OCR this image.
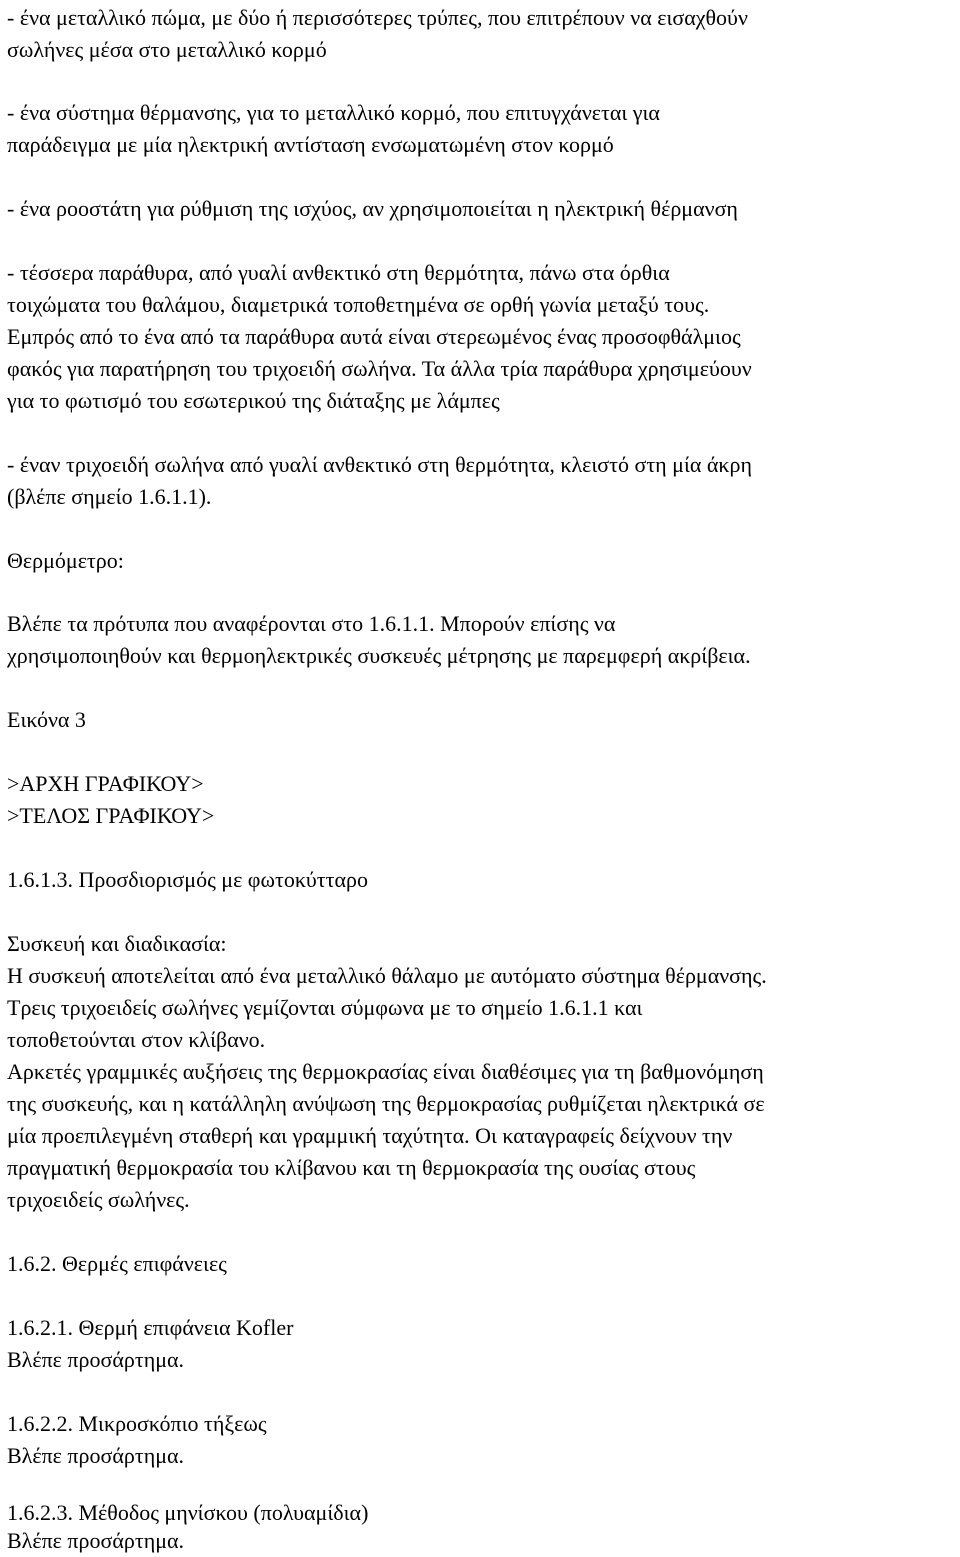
- ένα μεταλλικό πώμα, με δύο ή περισσότερες τρύπες, που επιτρέπουν να εισαχθούν
σωλήνες μέσα στο μεταλλικό κορμό
- ένα σύστημα θέρμανσης, για το μεταλλικό κορμό, που επιτυγχάνεται για
παράδειγμα με μία ηλεκτρική αντίσταση ενσωματωμένη στον κορμό
- ένα ροοστάτη για ρύθμιση της ισχύος, αν χρησιμοποιείται η ηλεκτρική θέρμανση
- τέσσερα παράθυρα, από γυαλί ανθεκτικό στη θερμότητα, πάνω στα όρθια
τοιχώματα του θαλάμου, διαμετρικά τοποθετημένα σε ορθή γωνία μεταξύ τους.
Εμπρός από το ένα από τα παράθυρα αυτά είναι στερεωμένος ένας προσοφθάλμιος
φακός για παρατήρηση του τριχοειδή σωλήνα. Τα άλλα τρία παράθυρα χρησιμεύουν
για το φωτισμό του εσωτερικού της διάταξης με λάμπες
- έναν τριχοειδή σωλήνα από γυαλί ανθεκτικό στη θερμότητα, κλειστό στη μία άκρη
(βλέπε σημείο 1.6.1.1).
Θερμόμετρο:
Βλέπε τα πρότυπα που αναφέρονται στο 1.6.1.1. Μπορούν επίσης να
χρησιμοποιηθούν και θερμοηλεκτρικές συσκευές μέτρησης με παρεμφερή ακρίβεια.
Εικόνα 3
>ΑΡΧΗ ΓΡΑΦΙΚΟΥ>
>ΤΕΛΟΣ ΓΡΑΦΙΚΟΥ>
1.6.1.3. Προσδιορισμός με φωτοκύτταρο
Συσκευή και διαδικασία:
Η συσκευή αποτελείται από ένα μεταλλικό θάλαμο με αυτόματο σύστημα θέρμανσης.
Τρεις τριχοειδείς σωλήνες γεμίζονται σύμφωνα με το σημείο 1.6.1.1 και
τοποθετούνται στον κλίβανο.
Αρκετές γραμμικές αυξήσεις της θερμοκρασίας είναι διαθέσιμες για τη βαθμονόμηση
της συσκευής, και η κατάλληλη ανύψωση της θερμοκρασίας ρυθμίζεται ηλεκτρικά σε
μία προεπιλεγμένη σταθερή και γραμμική ταχύτητα. Οι καταγραφείς δείχνουν την
πραγματική θερμοκρασία του κλίβανου και τη θερμοκρασία της ουσίας στους
τριχοειδείς σωλήνες.
1.6.2. Θερμές επιφάνειες
1.6.2.1. Θερμή επιφάνεια Kofler
Βλέπε προσάρτημα.
1.6.2.2. Μικροσκόπιο τήξεως
Βλέπε προσάρτημα.
1.6.2.3. Μέθοδος μηνίσκου (πολυαμίδια)
Βλέπε προσάρτημα.
